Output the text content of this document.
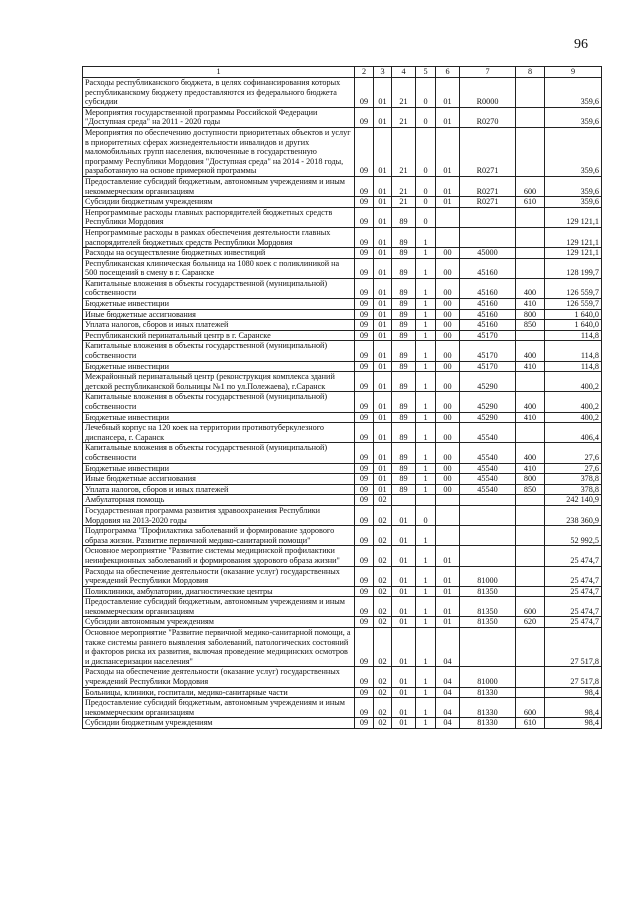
96
1	2	3	4	5	6	7	8	9
Расходы республиканского бюджета, в целях софинансирования которых республиканскому бюджету предоставляются из федерального бюджета субсидии	09	01	21	0	01	R0000		359,6
Мероприятия государственной программы Российской Федерации "Доступная среда" на 2011 - 2020 годы	09	01	21	0	01	R0270		359,6
Мероприятия по обеспечению доступности приоритетных объектов и услуг в приоритетных сферах жизнедеятельности инвалидов и других маломобильных групп населения, включенные в государственную программу Республики Мордовия "Доступная среда" на 2014 - 2018 годы, разработанную на основе примерной программы	09	01	21	0	01	R0271		359,6
Предоставление субсидий бюджетным, автономным учреждениям и иным некоммерческим организациям	09	01	21	0	01	R0271	600	359,6
Субсидии бюджетным учреждениям	09	01	21	0	01	R0271	610	359,6
Непрограммные расходы главных распорядителей бюджетных средств Республики Мордовия	09	01	89	0				129 121,1
Непрограммные расходы в рамках обеспечения деятельности главных распорядителей бюджетных средств Республики Мордовия	09	01	89	1				129 121,1
Расходы на осуществление бюджетных инвестиций	09	01	89	1	00	45000		129 121,1
Республиканская клиническая больница на 1080 коек с поликлиникой на 500 посещений в смену в г. Саранске	09	01	89	1	00	45160		128 199,7
Капитальные вложения в объекты государственной (муниципальной) собственности	09	01	89	1	00	45160	400	126 559,7
Бюджетные инвестиции	09	01	89	1	00	45160	410	126 559,7
Иные бюджетные ассигнования	09	01	89	1	00	45160	800	1 640,0
Уплата налогов, сборов и иных платежей	09	01	89	1	00	45160	850	1 640,0
Республиканский перинатальный центр в г. Саранске	09	01	89	1	00	45170		114,8
Капитальные вложения в объекты государственной (муниципальной) собственности	09	01	89	1	00	45170	400	114,8
Бюджетные инвестиции	09	01	89	1	00	45170	410	114,8
Межрайонный перинатальный центр (реконструкция комплекса зданий детской республиканской больницы №1 по ул.Полежаева), г.Саранск	09	01	89	1	00	45290		400,2
Капитальные вложения в объекты государственной (муниципальной) собственности	09	01	89	1	00	45290	400	400,2
Бюджетные инвестиции	09	01	89	1	00	45290	410	400,2
Лечебный корпус на 120 коек на территории противотуберкулезного диспансера, г. Саранск	09	01	89	1	00	45540		406,4
Капитальные вложения в объекты государственной (муниципальной) собственности	09	01	89	1	00	45540	400	27,6
Бюджетные инвестиции	09	01	89	1	00	45540	410	27,6
Иные бюджетные ассигнования	09	01	89	1	00	45540	800	378,8
Уплата налогов, сборов и иных платежей	09	01	89	1	00	45540	850	378,8
Амбулаторная помощь	09	02						242 140,9
Государственная программа развития здравоохранения Республики Мордовия на 2013-2020 годы	09	02	01	0				238 360,9
Подпрограмма "Профилактика заболеваний и формирование здорового образа жизни. Развитие первичной медико-санитарной помощи"	09	02	01	1				52 992,5
Основное мероприятие "Развитие системы медицинской профилактики неинфекционных заболеваний и формирования здорового образа жизни"	09	02	01	1	01			25 474,7
Расходы на обеспечение деятельности (оказание услуг) государственных учреждений Республики Мордовия	09	02	01	1	01	81000		25 474,7
Поликлиники, амбулатории, диагностические центры	09	02	01	1	01	81350		25 474,7
Предоставление субсидий бюджетным, автономным учреждениям и иным некоммерческим организациям	09	02	01	1	01	81350	600	25 474,7
Субсидии автономным учреждениям	09	02	01	1	01	81350	620	25 474,7
Основное мероприятие "Развитие первичной медико-санитарной помощи, а также системы раннего выявления заболеваний, патологических состояний и факторов риска их развития, включая проведение медицинских осмотров и диспансеризации населения"	09	02	01	1	04			27 517,8
Расходы на обеспечение деятельности (оказание услуг) государственных учреждений Республики Мордовия	09	02	01	1	04	81000		27 517,8
Больницы, клиники, госпитали, медико-санитарные части	09	02	01	1	04	81330		98,4
Предоставление субсидий бюджетным, автономным учреждениям и иным некоммерческим организациям	09	02	01	1	04	81330	600	98,4
Субсидии бюджетным учреждениям	09	02	01	1	04	81330	610	98,4
